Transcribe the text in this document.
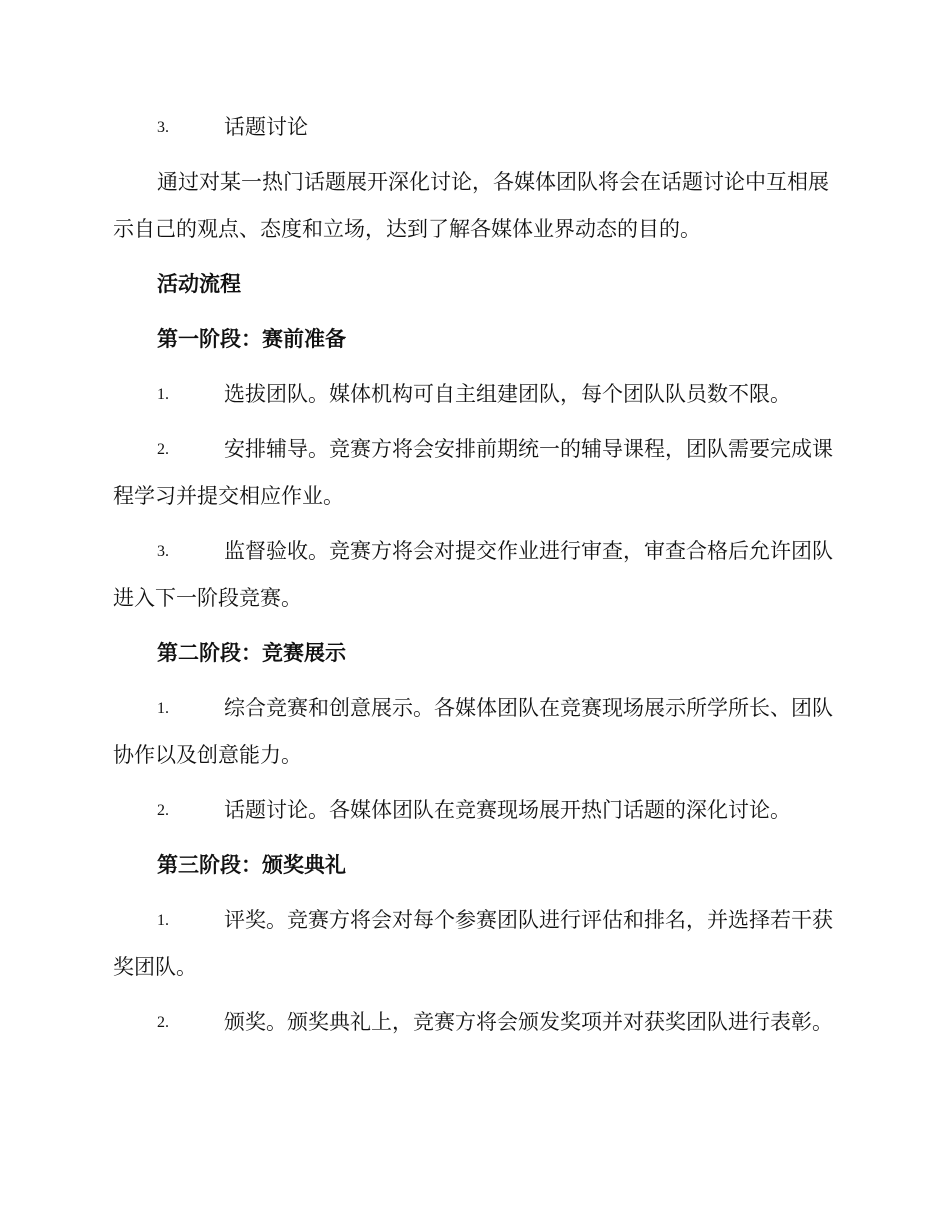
3.	话题讨论
通过对某一热门话题展开深化讨论，各媒体团队将会在话题讨论中互相展示自己的观点、态度和立场，达到了解各媒体业界动态的目的。
活动流程
第一阶段：赛前准备
1.	选拔团队。媒体机构可自主组建团队，每个团队队员数不限。
2.	安排辅导。竞赛方将会安排前期统一的辅导课程，团队需要完成课程学习并提交相应作业。
3.	监督验收。竞赛方将会对提交作业进行审查，审查合格后允许团队进入下一阶段竞赛。
第二阶段：竞赛展示
1.	综合竞赛和创意展示。各媒体团队在竞赛现场展示所学所长、团队协作以及创意能力。
2.	话题讨论。各媒体团队在竞赛现场展开热门话题的深化讨论。
第三阶段：颁奖典礼
1.	评奖。竞赛方将会对每个参赛团队进行评估和排名，并选择若干获奖团队。
2.	颁奖。颁奖典礼上，竞赛方将会颁发奖项并对获奖团队进行表彰。
